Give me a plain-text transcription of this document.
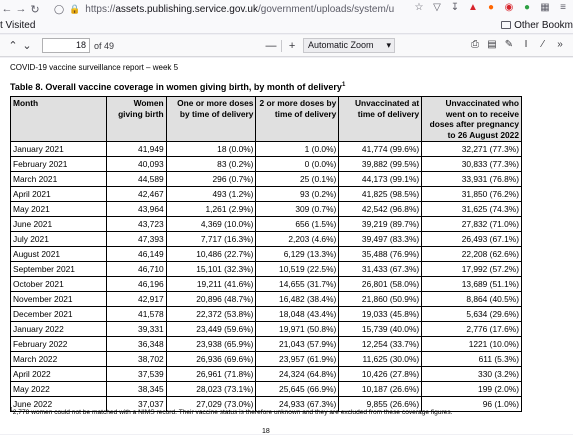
← → ↻ ◯ 🔒 https://assets.publishing.service.gov.uk/government/uploads/system/u ☆ ▽ ↧ ▲ ● ◉ ● ▦	≡
t Visited	Other Bookm
⌃ ⌄	18 of 49	—	+	Automatic Zoom ▾	⎙ ▤ ✎	I	⁄	»
COVID-19 vaccine surveillance report – week 5
Table 8. Overall vaccine coverage in women giving birth, by month of delivery$^1$
Month	Women giving birth	One or more doses by time of delivery	2 or more doses by time of delivery	Unvaccinated at time of delivery	Unvaccinated who went on to receive doses after pregnancy to 26 August 2022
January 2021	41,949	18 (0.0%)	1 (0.0%)	41,774 (99.6%)	32,271 (77.3%)
February 2021	40,093	83 (0.2%)	0 (0.0%)	39,882 (99.5%)	30,833 (77.3%)
March 2021	44,589	296 (0.7%)	25 (0.1%)	44,173 (99.1%)	33,931 (76.8%)
April 2021	42,467	493 (1.2%)	93 (0.2%)	41,825 (98.5%)	31,850 (76.2%)
May 2021	43,964	1,261 (2.9%)	309 (0.7%)	42,542 (96.8%)	31,625 (74.3%)
June 2021	43,723	4,369 (10.0%)	656 (1.5%)	39,219 (89.7%)	27,832 (71.0%)
July 2021	47,393	7,717 (16.3%)	2,203 (4.6%)	39,497 (83.3%)	26,493 (67.1%)
August 2021	46,149	10,486 (22.7%)	6,129 (13.3%)	35,488 (76.9%)	22,208 (62.6%)
September 2021	46,710	15,101 (32.3%)	10,519 (22.5%)	31,433 (67.3%)	17,992 (57.2%)
October 2021	46,196	19,211 (41.6%)	14,655 (31.7%)	26,801 (58.0%)	13,689 (51.1%)
November 2021	42,917	20,896 (48.7%)	16,482 (38.4%)	21,860 (50.9%)	8,864 (40.5%)
December 2021	41,578	22,372 (53.8%)	18,048 (43.4%)	19,033 (45.8%)	5,634 (29.6%)
January 2022	39,331	23,449 (59.6%)	19,971 (50.8%)	15,739 (40.0%)	2,776 (17.6%)
February 2022	36,348	23,938 (65.9%)	21,043 (57.9%)	12,254 (33.7%)	1221 (10.0%)
March 2022	38,702	26,936 (69.6%)	23,957 (61.9%)	11,625 (30.0%)	611 (5.3%)
April 2022	37,539	26,961 (71.8%)	24,324 (64.8%)	10,426 (27.8%)	330 (3.2%)
May 2022	38,345	28,023 (73.1%)	25,645 (66.9%)	10,187 (26.6%)	199 (2.0%)
June 2022	37,037	27,029 (73.0%)	24,933 (67.3%)	9,855 (26.6%)	96 (1.0%)
$^1$2,778 women could not be matched with a NIMS record. Their vaccine status is therefore unknown and they are excluded from these coverage figures.
18
